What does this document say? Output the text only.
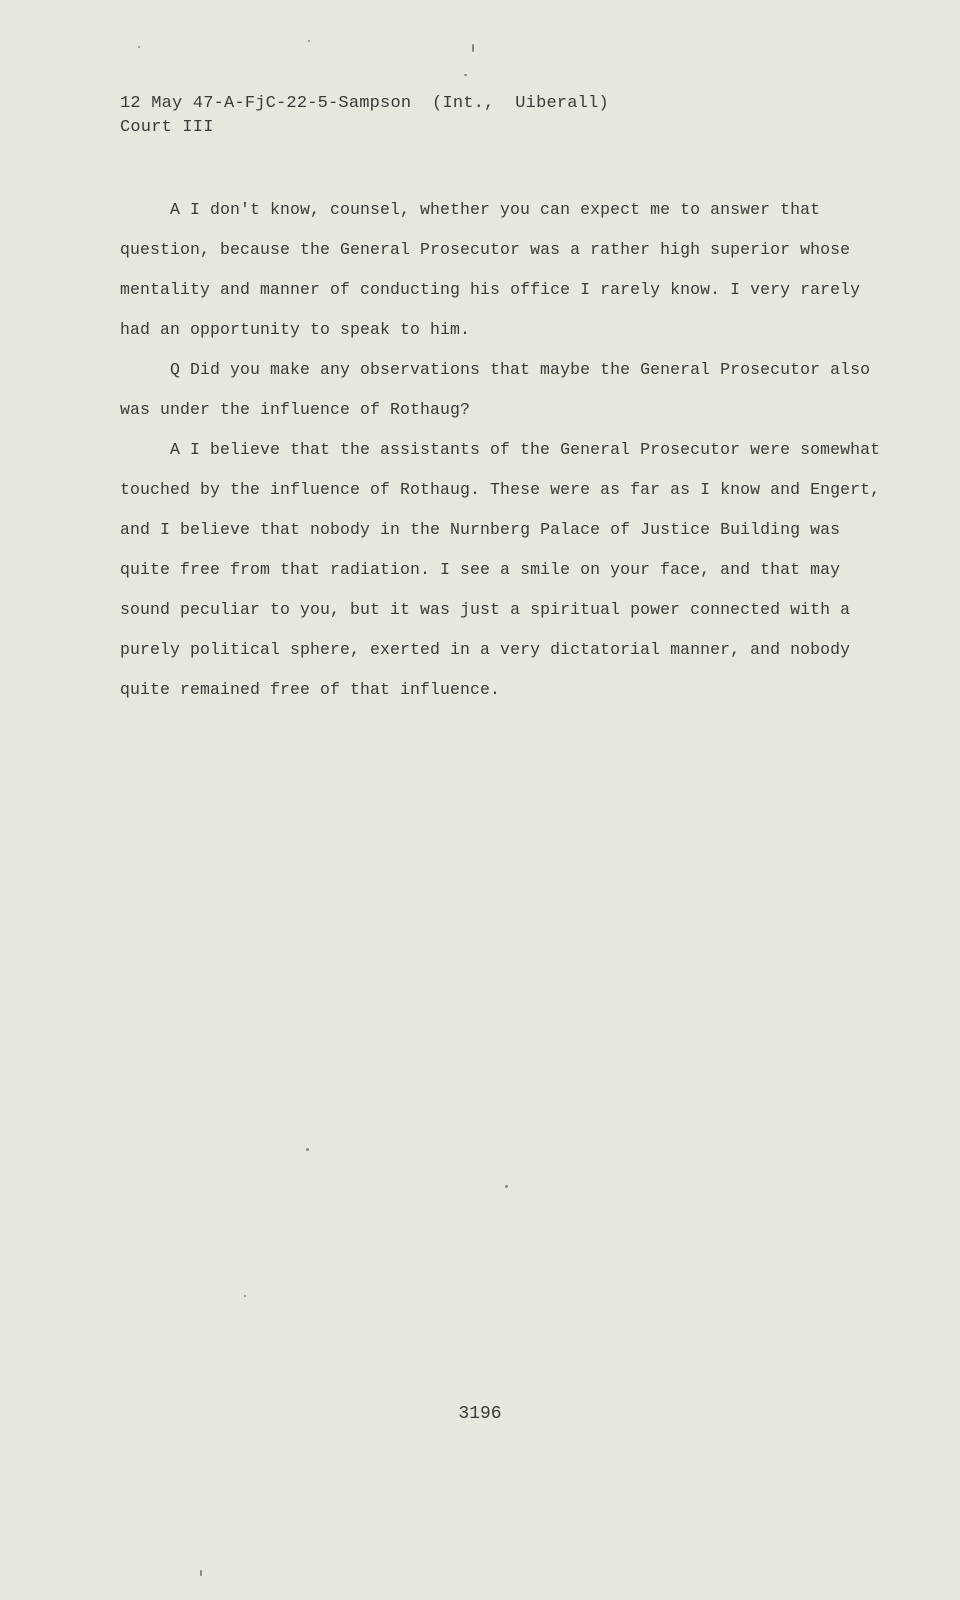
12 May 47-A-FjC-22-5-Sampson  (Int.,  Uiberall)
Court III

A I don't know, counsel, whether you can expect me to answer that question, because the General Prosecutor was a rather high superior whose mentality and manner of conducting his office I rarely know. I very rarely had an opportunity to speak to him.

Q Did you make any observations that maybe the General Prosecutor also was under the influence of Rothaug?

A I believe that the assistants of the General Prosecutor were somewhat touched by the influence of Rothaug. These were as far as I know and Engert, and I believe that nobody in the Nurnberg Palace of Justice Building was quite free from that radiation. I see a smile on your face, and that may sound peculiar to you, but it was just a spiritual power connected with a purely political sphere, exerted in a very dictatorial manner, and nobody quite remained free of that influence.

3196
